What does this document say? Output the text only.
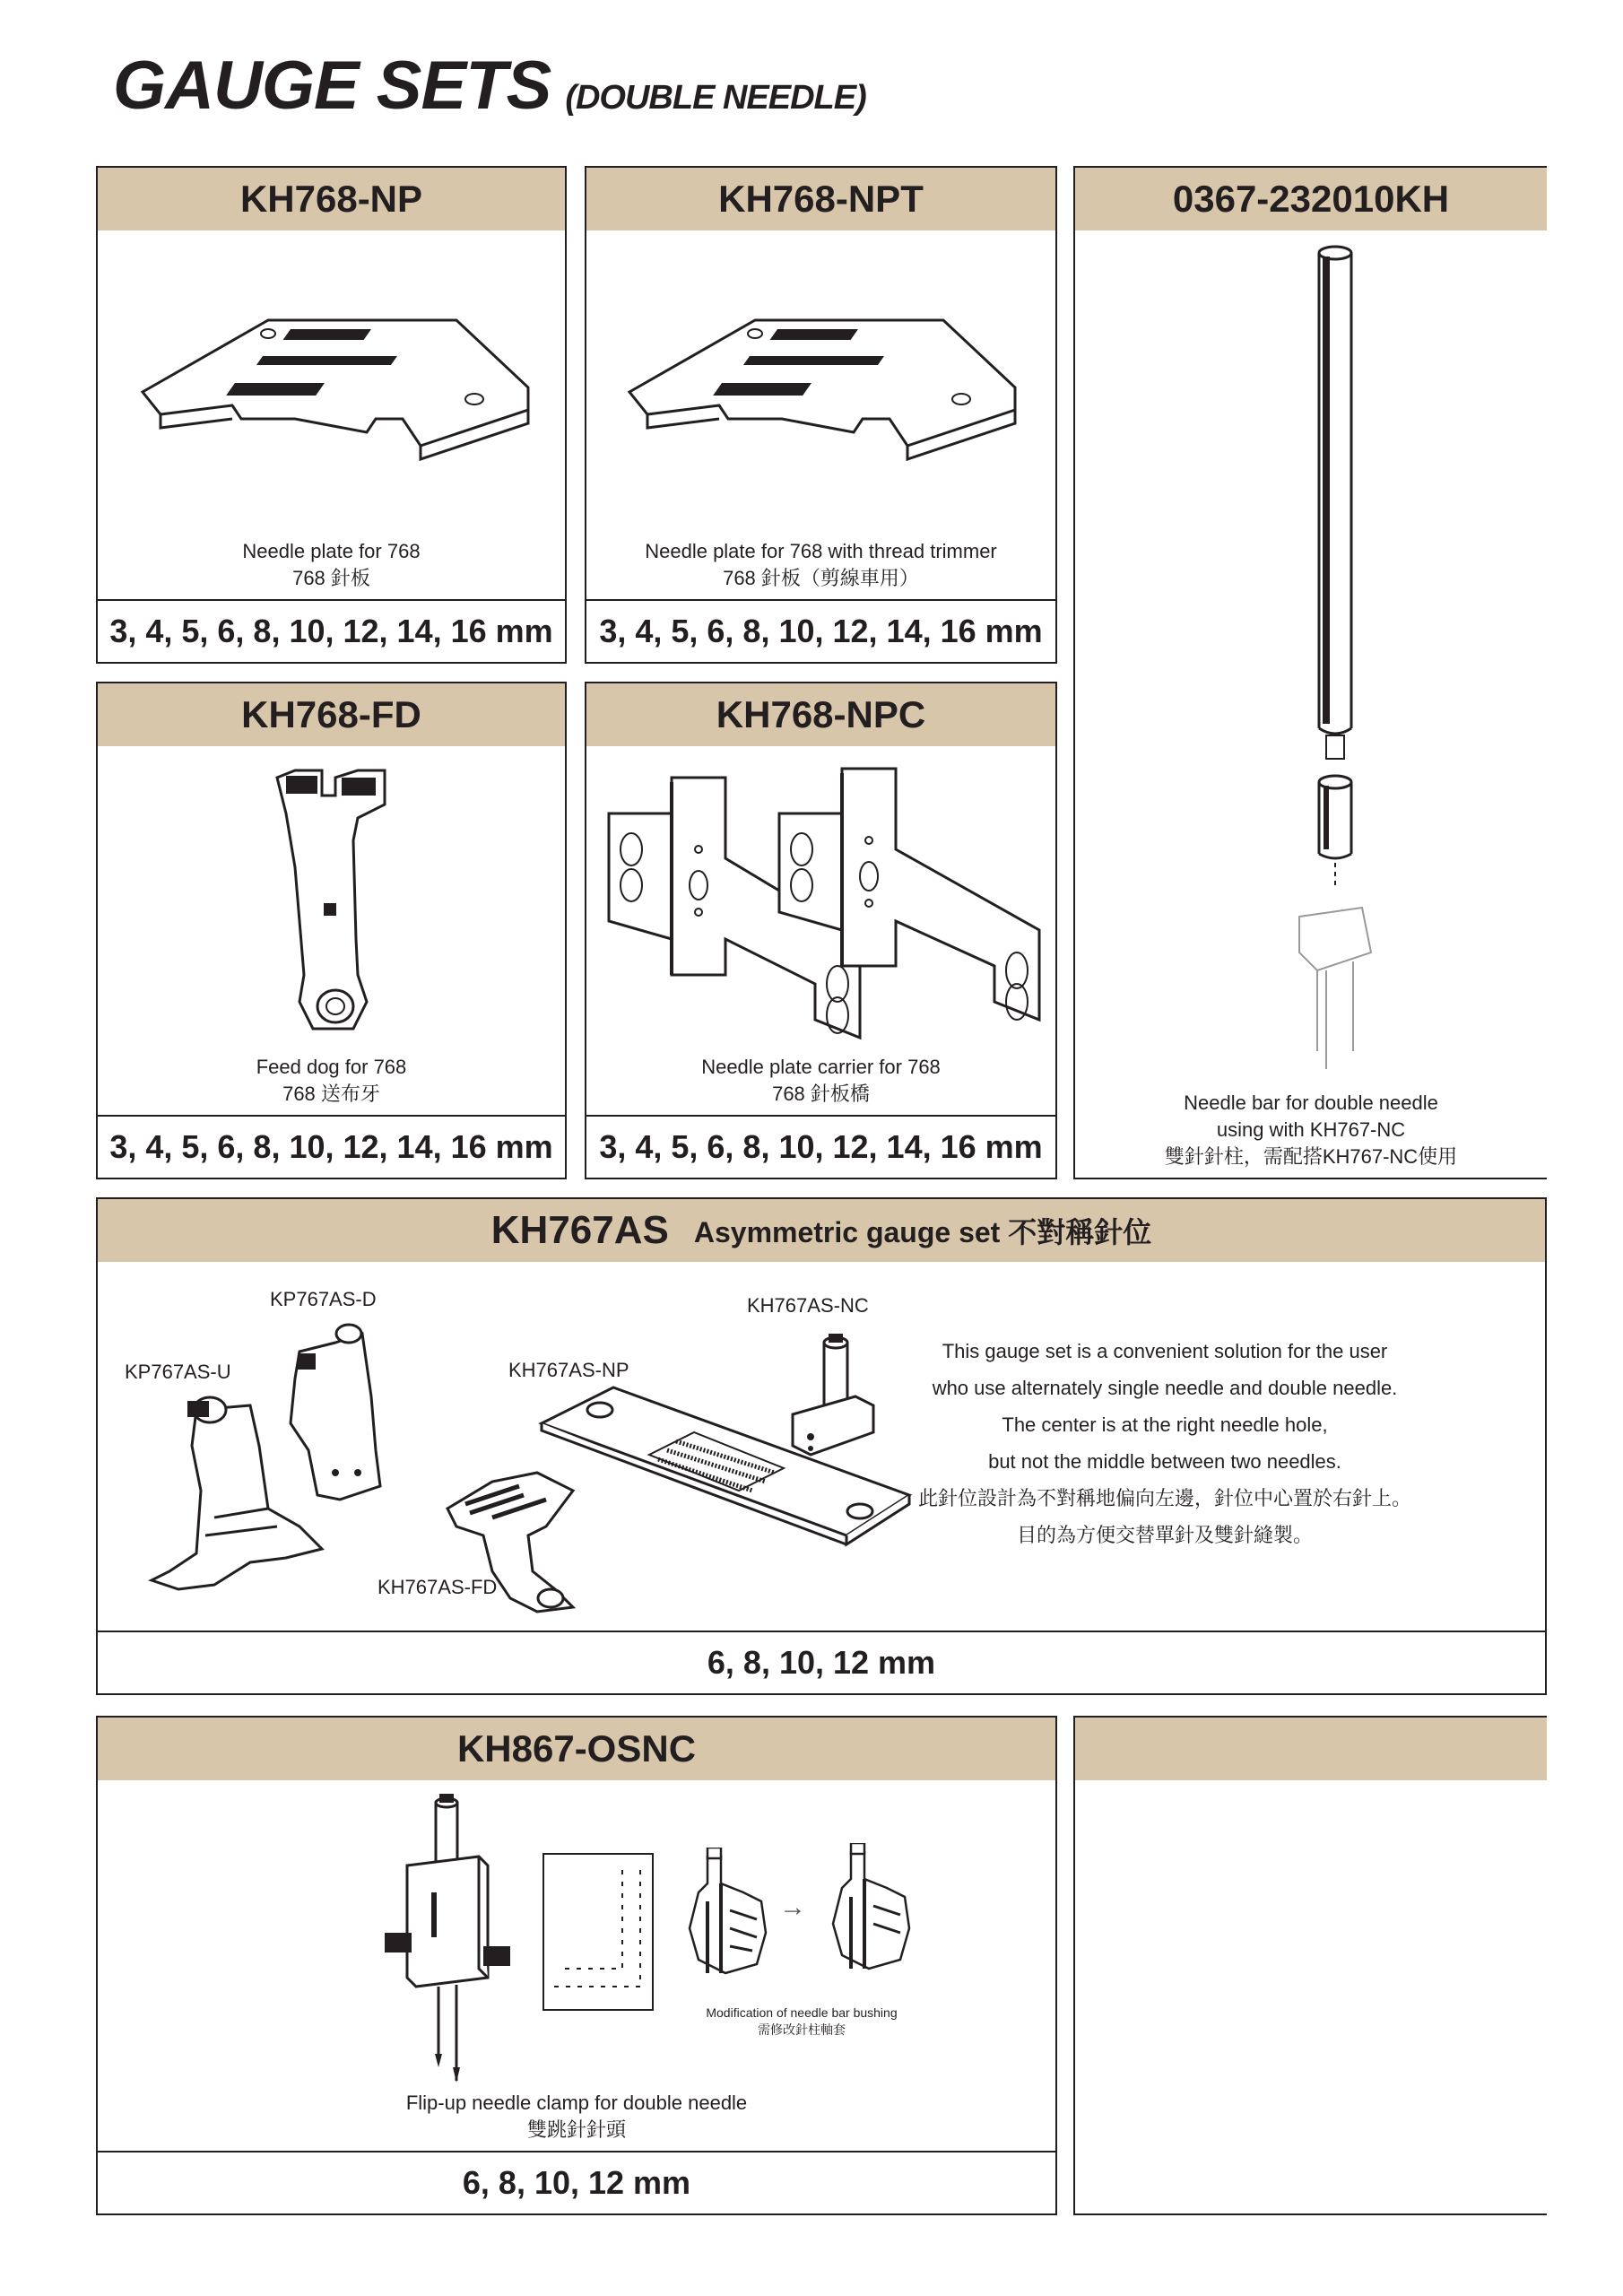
GAUGE SETS (DOUBLE NEEDLE)
KH768-NP
Needle plate for 768
768 針板
3, 4, 5, 6, 8, 10, 12, 14, 16 mm
KH768-NPT
Needle plate for 768 with thread trimmer
768 針板（剪線車用）
3, 4, 5, 6, 8, 10, 12, 14, 16 mm
0367-232010KH
Needle bar for double needle
using with KH767-NC
雙針針柱，需配搭KH767-NC使用
KH768-FD
Feed dog for 768
768 送布牙
3, 4, 5, 6, 8, 10, 12, 14, 16 mm
KH768-NPC
Needle plate carrier for 768
768 針板橋
3, 4, 5, 6, 8, 10, 12, 14, 16 mm
KH767AS Asymmetric gauge set 不對稱針位
KP767AS-D
KP767AS-U	KH767AS-NP
KH767AS-NC
KH767AS-FD
This gauge set is a convenient solution for the user
who use alternately single needle and double needle.
The center is at the right needle hole,
but not the middle between two needles.
此針位設計為不對稱地偏向左邊，針位中心置於右針上。
目的為方便交替單針及雙針縫製。
6, 8, 10, 12 mm
KH867-OSNC
→
Modification of needle bar bushing
需修改針柱軸套
Flip-up needle clamp for double needle
雙跳針針頭
6, 8, 10, 12 mm
